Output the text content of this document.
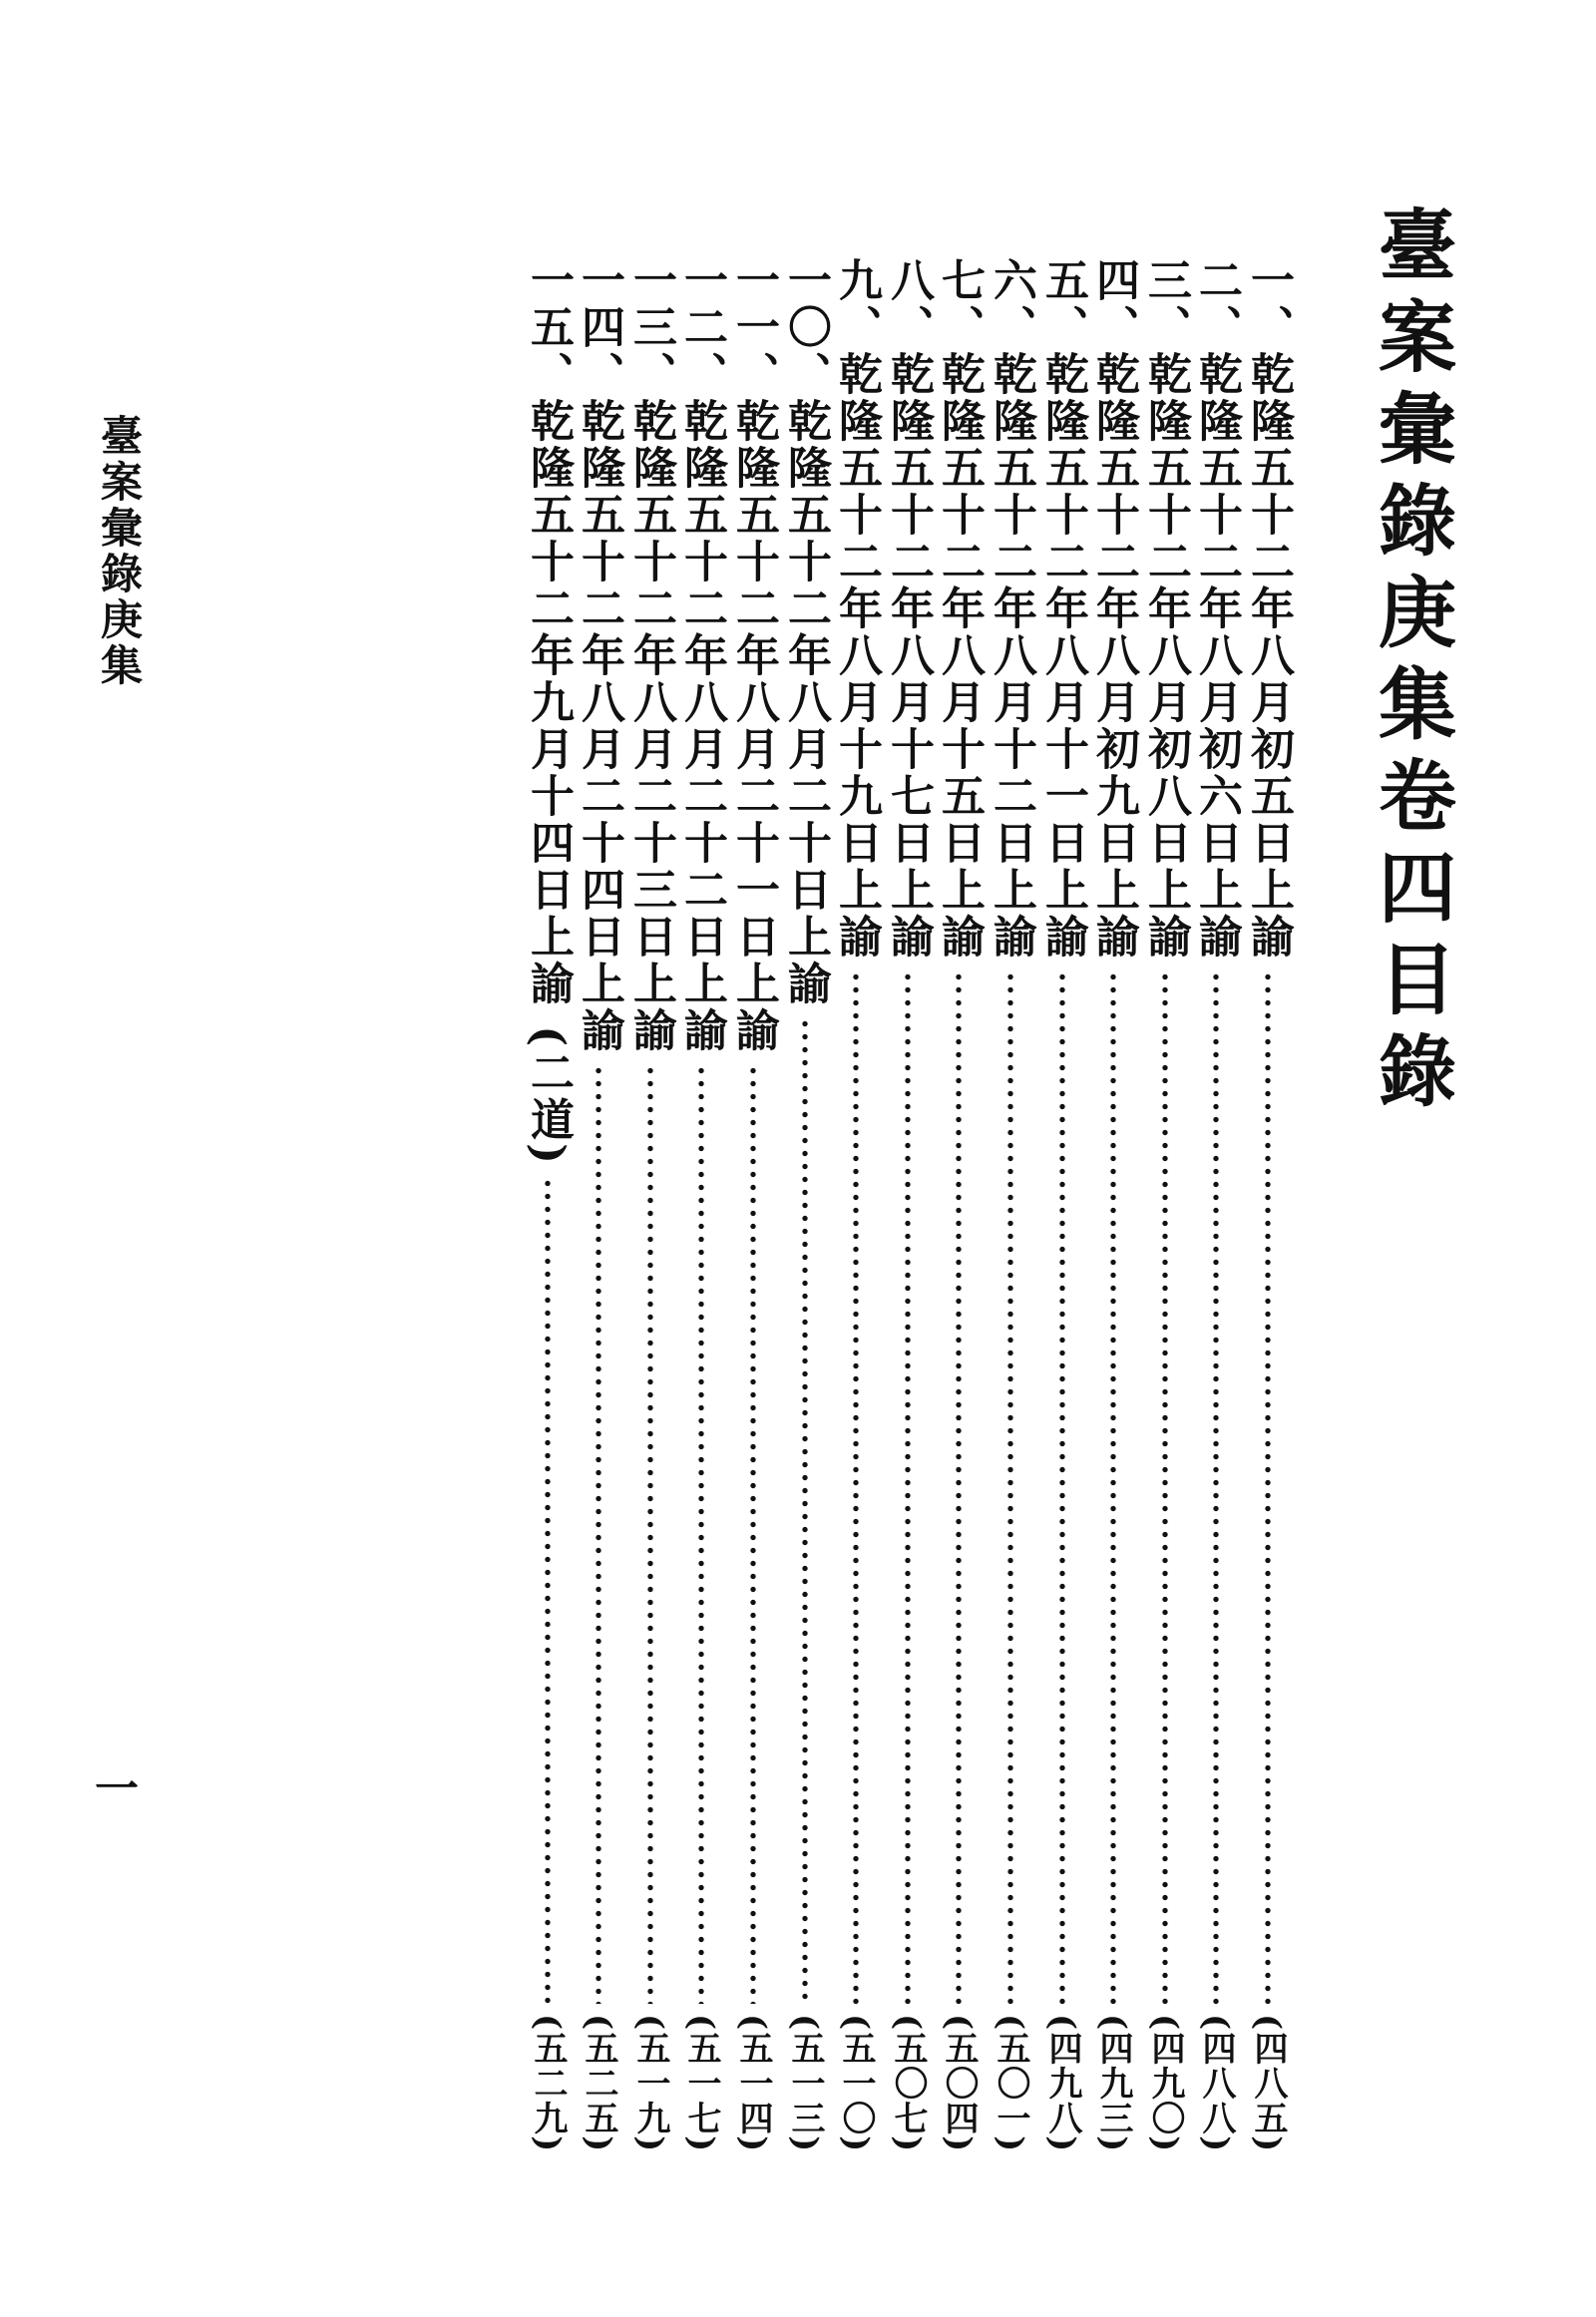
臺案彙錄庚集卷四目錄
一、乾隆五十二年八月初五日上諭
(四八五)
二、乾隆五十二年八月初六日上諭
(四八八)
三、乾隆五十二年八月初八日上諭
(四九〇)
四、乾隆五十二年八月初九日上諭
(四九三)
五、乾隆五十二年八月十一日上諭
(四九八)
六、乾隆五十二年八月十二日上諭
(五〇一)
七、乾隆五十二年八月十五日上諭
(五〇四)
八、乾隆五十二年八月十七日上諭
(五〇七)
九、乾隆五十二年八月十九日上諭
(五一〇)
一〇、乾隆五十二年八月二十日上諭
(五一三)
一一、乾隆五十二年八月二十一日上諭
(五一四)
一二、乾隆五十二年八月二十二日上諭
(五一七)
一三、乾隆五十二年八月二十三日上諭
(五一九)
一四、乾隆五十二年八月二十四日上諭
(五二五)
一五、乾隆五十二年九月十四日上諭 (二道)
(五二九)
臺案彙錄庚集
一
